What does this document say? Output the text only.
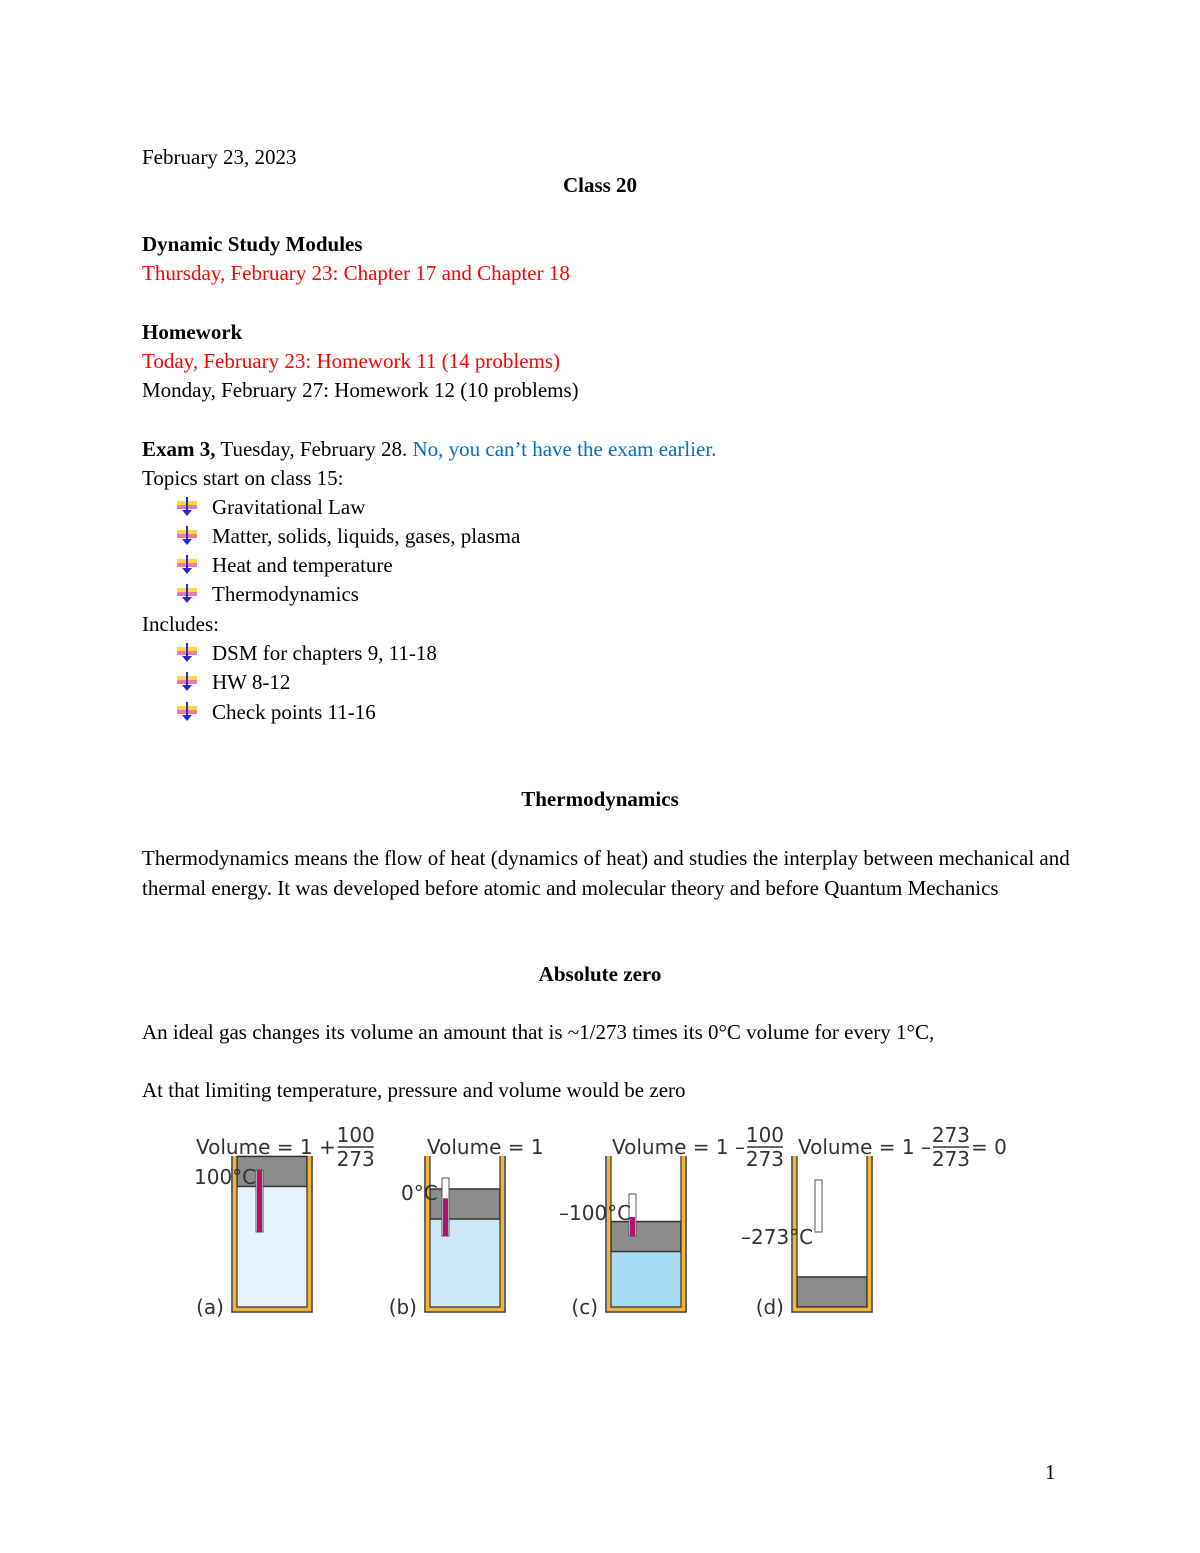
February 23, 2023
Class 20
Dynamic Study Modules
Thursday, February 23: Chapter 17 and Chapter 18
Homework
Today, February 23: Homework 11 (14 problems)
Monday, February 27: Homework 12 (10 problems)
Exam 3, Tuesday, February 28. No, you can’t have the exam earlier.
Topics start on class 15:
Gravitational Law
Matter, solids, liquids, gases, plasma
Heat and temperature
Thermodynamics
Includes:
DSM for chapters 9, 11-18
HW 8-12
Check points 11-16
Thermodynamics
Thermodynamics means the flow of heat (dynamics of heat) and studies the interplay between mechanical and thermal energy. It was developed before atomic and molecular theory and before Quantum Mechanics
Absolute zero
An ideal gas changes its volume an amount that is ~1/273 times its 0°C volume for every 1°C,
At that limiting temperature, pressure and volume would be zero
100°C
(a)
Volume = 1 + 100
273
0°C
(b)
Volume = 1
–100°C
(c)
Volume = 1 – 100
273
–273°C
(d)
Volume = 1 – 273
273 = 0
1
